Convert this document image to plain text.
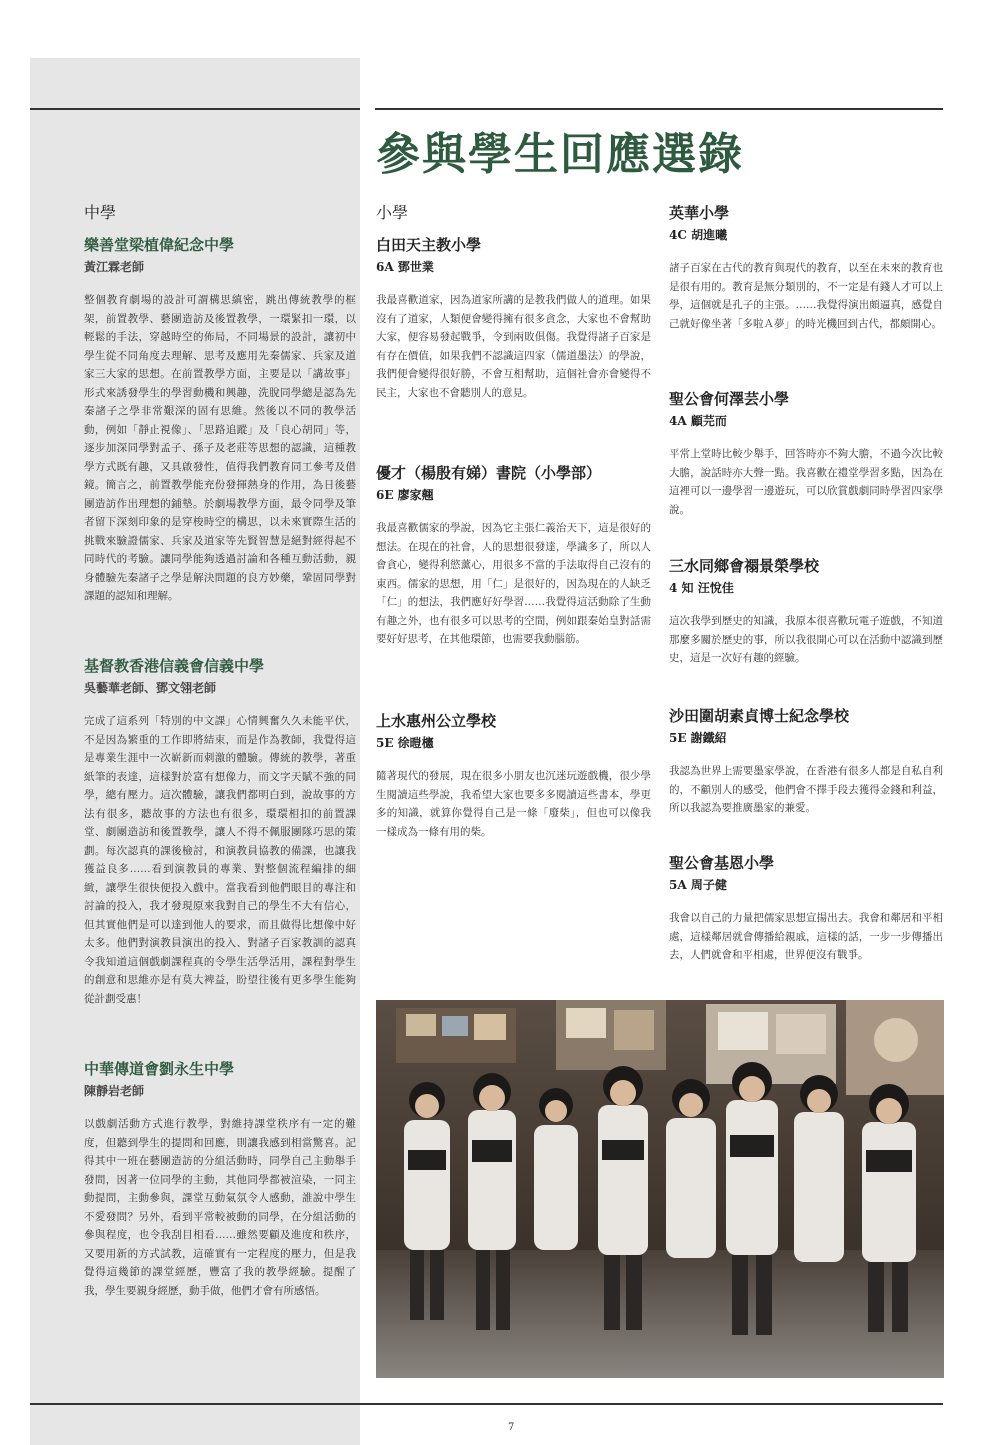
參與學生回應選錄
中學

樂善堂梁植偉紀念中學

黃江霖老師

整個教育劇場的設計可謂構思縝密，跳出傳統教學的框架，前置教學、藝團造訪及後置教學，一環緊扣一環，以輕鬆的手法，穿越時空的佈局，不同場景的設計，讓初中學生從不同角度去理解、思考及應用先秦儒家、兵家及道家三大家的思想。在前置教學方面，主要是以「講故事」形式來誘發學生的學習動機和興趣，洗脫同學總是認為先秦諸子之學非常艱深的固有思維。然後以不同的教學活動，例如「靜止視像」、「思路追蹤」及「良心胡同」等，逐步加深同學對孟子、孫子及老莊等思想的認識，這種教學方式既有趣，又具啟發性，值得我們教育同工參考及借鏡。簡言之，前置教學能充份發揮熱身的作用，為日後藝團造訪作出理想的鋪墊。於劇場教學方面，最令同學及筆者留下深刻印象的是穿梭時空的構思，以未來實際生活的挑戰來驗證儒家、兵家及道家等先賢智慧是絕對經得起不同時代的考驗。讓同學能夠透過討論和各種互動活動，親身體驗先秦諸子之學是解決問題的良方妙藥，鞏固同學對課題的認知和理解。

基督教香港信義會信義中學

吳藝華老師、鄧文翎老師

完成了這系列「特別的中文課」心情興奮久久未能平伏，不是因為繁重的工作即將結束，而是作為教師，我覺得這是專業生涯中一次嶄新而刺激的體驗。傳統的教學，著重紙筆的表達，這樣對於富有想像力，而文字天賦不強的同學，總有壓力。這次體驗，讓我們都明白到，說故事的方法有很多，聽故事的方法也有很多，環環相扣的前置課堂、劇團造訪和後置教學，讓人不得不佩服團隊巧思的策劃。每次認真的課後檢討，和演教員協教的備課，也讓我獲益良多……看到演教員的專業、對整個流程編排的細緻，讓學生很快便投入戲中。當我看到他們眼目的專注和討論的投入，我才發現原來我對自己的學生不大有信心，但其實他們是可以達到他人的要求，而且做得比想像中好太多。他們對演教員演出的投入、對諸子百家教訓的認真令我知道這個戲劇課程真的令學生活學活用，課程對學生的創意和思維亦是有莫大裨益，盼望往後有更多學生能夠從計劃受惠！

中華傳道會劉永生中學

陳靜岩老師

以戲劇活動方式進行教學，對維持課堂秩序有一定的難度，但聽到學生的提問和回應，則讓我感到相當驚喜。記得其中一班在藝團造訪的分組活動時，同學自己主動舉手發問，因著一位同學的主動，其他同學都被渲染，一同主動提問，主動參與，課堂互動氣氛令人感動，誰說中學生不愛發問？另外，看到平常較被動的同學，在分組活動的參與程度，也令我刮目相看……雖然要顧及進度和秩序，又要用新的方式試教，這確實有一定程度的壓力，但是我覺得這幾節的課堂經歷，豐富了我的教學經驗。提醒了我，學生要親身經歷，動手做，他們才會有所感悟。

小學

白田天主教小學

6A 鄧世業

我最喜歡道家，因為道家所講的是教我們做人的道理。如果沒有了道家，人類便會變得擁有很多貪念，大家也不會幫助大家，便容易發起戰爭，令到兩敗俱傷。我覺得諸子百家是有存在價值，如果我們不認識這四家（儒道墨法）的學說，我們便會變得很好勝，不會互相幫助，這個社會亦會變得不民主，大家也不會聽別人的意見。

優才（楊殷有娣）書院（小學部）

6E 廖家翹

我最喜歡儒家的學說，因為它主張仁義治天下，這是很好的想法。在現在的社會，人的思想很發達，學識多了，所以人會貪心，變得利慾薰心，用很多不當的手法取得自己沒有的東西。儒家的思想，用「仁」是很好的，因為現在的人缺乏「仁」的想法，我們應好好學習……我覺得這活動除了生動有趣之外，也有很多可以思考的空間，例如跟秦始皇對話需要好好思考，在其他環節，也需要我動腦筋。

上水惠州公立學校

5E 徐暟櫶

隨著現代的發展，現在很多小朋友也沉迷玩遊戲機，很少學生閱讀這些學說，我希望大家也要多多閱讀這些書本，學更多的知識，就算你覺得自己是一條「廢柴」，但也可以像我一樣成為一條有用的柴。

英華小學

4C 胡進曦

諸子百家在古代的教育與現代的教育，以至在未來的教育也是很有用的。教育是無分類別的，不一定是有錢人才可以上學，這個就是孔子的主張。……我覺得演出頗逼真，感覺自己就好像坐著「多啦Ａ夢」的時光機回到古代，都頗開心。

聖公會何澤芸小學

4A 顧芫而

平常上堂時比較少舉手，回答時亦不夠大膽，不過今次比較大膽，說話時亦大聲一點。我喜歡在禮堂學習多點，因為在這裡可以一邊學習一邊遊玩，可以欣賞戲劇同時學習四家學說。

三水同鄉會禤景榮學校

4 知 汪悅佳

這次我學到歷史的知識，我原本很喜歡玩電子遊戲，不知道那麼多關於歷史的事，所以我很開心可以在活動中認識到歷史，這是一次好有趣的經驗。

沙田圍胡素貞博士紀念學校

5E 謝鐵紹

我認為世界上需要墨家學說，在香港有很多人都是自私自利的，不顧別人的感受，他們會不擇手段去獲得金錢和利益，所以我認為要推廣墨家的兼愛。

聖公會基恩小學

5A 周子健

我會以自己的力量把儒家思想宣揚出去。我會和鄰居和平相處，這樣鄰居就會傳播給親戚，這樣的話，一步一步傳播出去，人們就會和平相處，世界便沒有戰爭。

7
